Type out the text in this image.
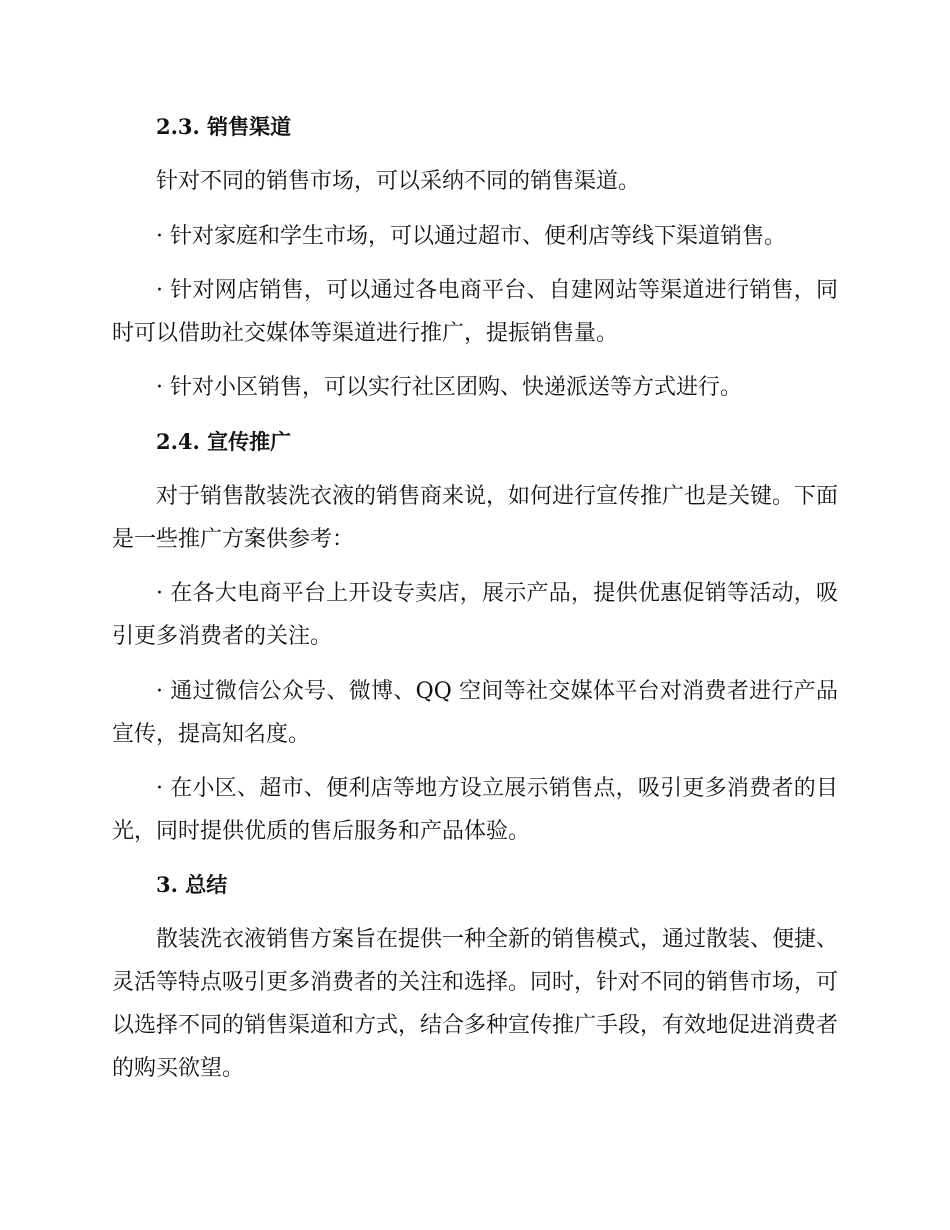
2.3. 销售渠道

针对不同的销售市场，可以采纳不同的销售渠道。

· 针对家庭和学生市场，可以通过超市、便利店等线下渠道销售。

· 针对网店销售，可以通过各电商平台、自建网站等渠道进行销售，同时可以借助社交媒体等渠道进行推广，提振销售量。

· 针对小区销售，可以实行社区团购、快递派送等方式进行。

2.4. 宣传推广

对于销售散装洗衣液的销售商来说，如何进行宣传推广也是关键。下面是一些推广方案供参考：

· 在各大电商平台上开设专卖店，展示产品，提供优惠促销等活动，吸引更多消费者的关注。

· 通过微信公众号、微博、QQ 空间等社交媒体平台对消费者进行产品宣传，提高知名度。

· 在小区、超市、便利店等地方设立展示销售点，吸引更多消费者的目光，同时提供优质的售后服务和产品体验。

3. 总结

散装洗衣液销售方案旨在提供一种全新的销售模式，通过散装、便捷、灵活等特点吸引更多消费者的关注和选择。同时，针对不同的销售市场，可以选择不同的销售渠道和方式，结合多种宣传推广手段，有效地促进消费者的购买欲望。
